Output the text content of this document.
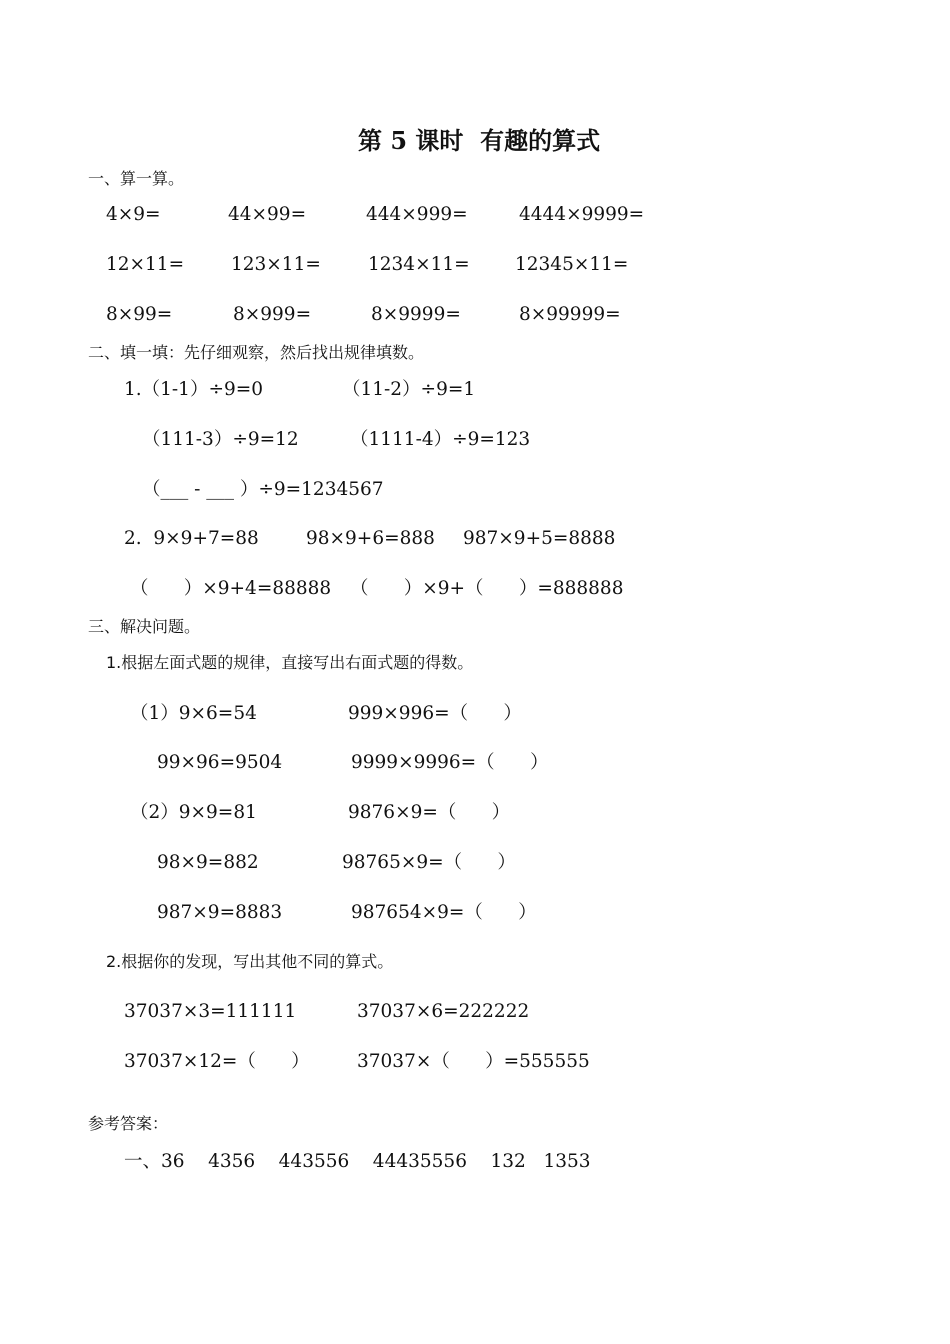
第 5 课时  有趣的算式
一、算一算。
4×9=	44×99=	444×999=	4444×9999=
12×11=	123×11=	1234×11= 12345×11=
8×99=	8×999=	8×9999=	8×99999=
二、填一填：先仔细观察，然后找出规律填数。
1.（1-1）÷9=0	（11-2）÷9=1
（111-3）÷9=12	（1111-4）÷9=123
（___ - ___ ）÷9=1234567
2.  9×9+7=88	98×9+6=888 987×9+5=8888
（      ）×9+4=88888 （      ）×9+（      ）=888888
三、解决问题。
1.根据左面式题的规律，直接写出右面式题的得数。
（1）9×6=54	999×996=（      ）
99×96=9504	9999×9996=（      ）
（2）9×9=81	9876×9=（      ）
98×9=882	98765×9=（      ）
987×9=8883	987654×9=（      ）
2.根据你的发现，写出其他不同的算式。
37037×3=111111	37037×6=222222
37037×12=（      ）	37037×（      ）=555555
参考答案：
一、36    4356    443556    44435556    132   1353
